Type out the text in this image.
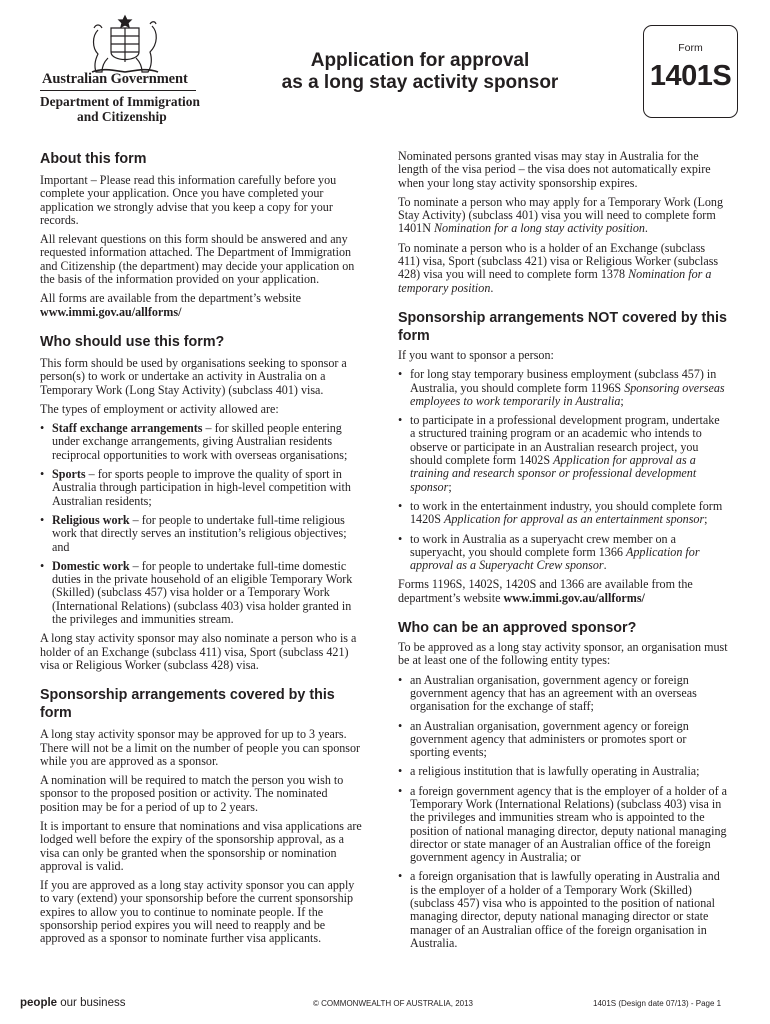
Australian Government
Department of Immigration
and Citizenship
Application for approval
as a long stay activity sponsor
Form
1401S
About this form

Important – Please read this information carefully before you complete your application. Once you have completed your application we strongly advise that you keep a copy for your records.

All relevant questions on this form should be answered and any requested information attached. The Department of Immigration and Citizenship (the department) may decide your application on the basis of the information provided on your application.

All forms are available from the department’s website
www.immi.gov.au/allforms/

Who should use this form?

This form should be used by organisations seeking to sponsor a person(s) to work or undertake an activity in Australia on a Temporary Work (Long Stay Activity) (subclass 401) visa.

The types of employment or activity allowed are:

• Staff exchange arrangements – for skilled people entering under exchange arrangements, giving Australian residents reciprocal opportunities to work with overseas organisations;
• Sports – for sports people to improve the quality of sport in Australia through participation in high-level competition with Australian residents;
• Religious work – for people to undertake full-time religious work that directly serves an institution’s religious objectives; and
• Domestic work – for people to undertake full-time domestic duties in the private household of an eligible Temporary Work (Skilled) (subclass 457) visa holder or a Temporary Work (International Relations) (subclass 403) visa holder granted in the privileges and immunities stream.

A long stay activity sponsor may also nominate a person who is a holder of an Exchange (subclass 411) visa, Sport (subclass 421) visa or Religious Worker (subclass 428) visa.

Sponsorship arrangements covered by this form

A long stay activity sponsor may be approved for up to 3 years. There will not be a limit on the number of people you can sponsor while you are approved as a sponsor.

A nomination will be required to match the person you wish to sponsor to the proposed position or activity. The nominated position may be for a period of up to 2 years.

It is important to ensure that nominations and visa applications are lodged well before the expiry of the sponsorship approval, as a visa can only be granted when the sponsorship or nomination approval is valid.

If you are approved as a long stay activity sponsor you can apply to vary (extend) your sponsorship before the current sponsorship expires to allow you to continue to nominate people. If the sponsorship period expires you will need to reapply and be approved as a sponsor to nominate further visa applicants.

Nominated persons granted visas may stay in Australia for the length of the visa period – the visa does not automatically expire when your long stay activity sponsorship expires.

To nominate a person who may apply for a Temporary Work (Long Stay Activity) (subclass 401) visa you will need to complete form 1401N Nomination for a long stay activity position.

To nominate a person who is a holder of an Exchange (subclass 411) visa, Sport (subclass 421) visa or Religious Worker (subclass 428) visa you will need to complete form 1378 Nomination for a temporary position.

Sponsorship arrangements NOT covered by this form

If you want to sponsor a person:

• for long stay temporary business employment (subclass 457) in Australia, you should complete form 1196S Sponsoring overseas employees to work temporarily in Australia;
• to participate in a professional development program, undertake a structured training program or an academic who intends to observe or participate in an Australian research project, you should complete form 1402S Application for approval as a training and research sponsor or professional development sponsor;
• to work in the entertainment industry, you should complete form 1420S Application for approval as an entertainment sponsor;
• to work in Australia as a superyacht crew member on a superyacht, you should complete form 1366 Application for approval as a Superyacht Crew sponsor.

Forms 1196S, 1402S, 1420S and 1366 are available from the department’s website www.immi.gov.au/allforms/

Who can be an approved sponsor?

To be approved as a long stay activity sponsor, an organisation must be at least one of the following entity types:

• an Australian organisation, government agency or foreign government agency that has an agreement with an overseas organisation for the exchange of staff;
• an Australian organisation, government agency or foreign government agency that administers or promotes sport or sporting events;
• a religious institution that is lawfully operating in Australia;
• a foreign government agency that is the employer of a holder of a Temporary Work (International Relations) (subclass 403) visa in the privileges and immunities stream who is appointed to the position of national managing director, deputy national managing director or state manager of an Australian office of the foreign government agency in Australia; or
• a foreign organisation that is lawfully operating in Australia and is the employer of a holder of a Temporary Work (Skilled) (subclass 457) visa who is appointed to the position of national managing director, deputy national managing director or state manager of an Australian office of the foreign organisation in Australia.
people our business	© COMMONWEALTH OF AUSTRALIA, 2013	1401S (Design date 07/13) - Page 1
